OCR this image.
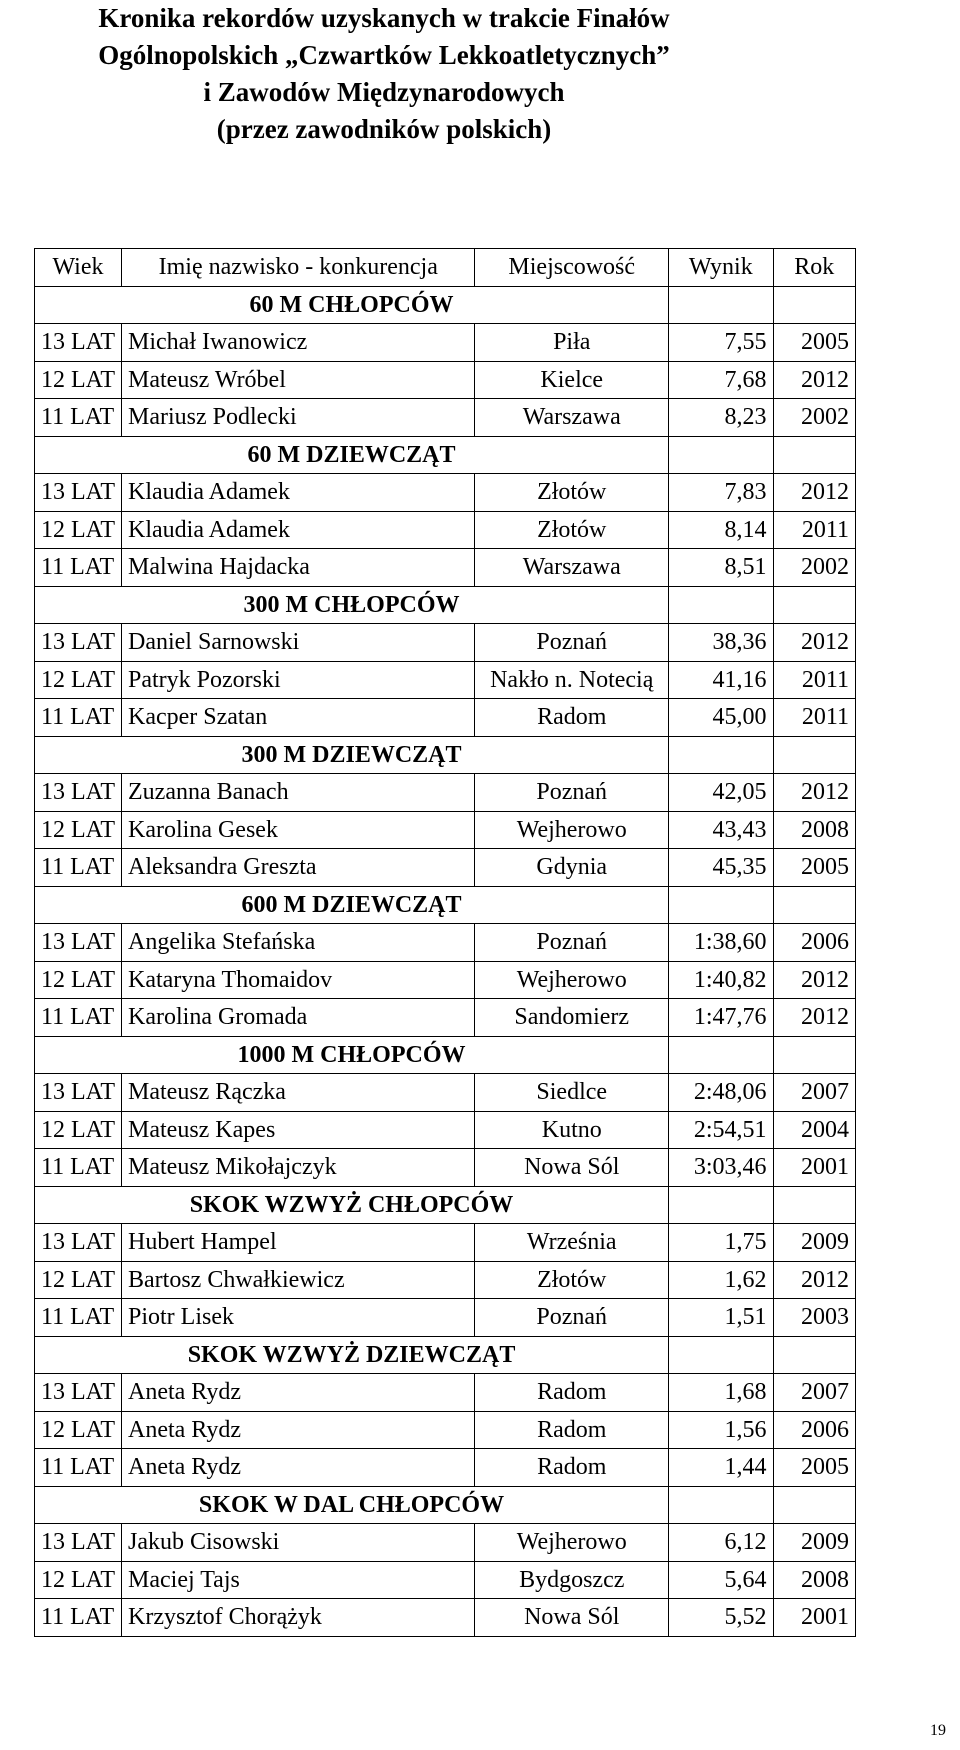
Kronika rekordów uzyskanych w trakcie Finałów
Ogólnopolskich „Czwartków Lekkoatletycznych”
i Zawodów Międzynarodowych
(przez zawodników polskich)
Wiek	Imię nazwisko - konkurencja	Miejscowość	Wynik	Rok
60 M CHŁOPCÓW				
13 LAT	Michał Iwanowicz	Piła	7,55	2005
12 LAT	Mateusz Wróbel	Kielce	7,68	2012
11 LAT	Mariusz Podlecki	Warszawa	8,23	2002
60 M DZIEWCZĄT				
13 LAT	Klaudia Adamek	Złotów	7,83	2012
12 LAT	Klaudia Adamek	Złotów	8,14	2011
11 LAT	Malwina Hajdacka	Warszawa	8,51	2002
300 M CHŁOPCÓW				
13 LAT	Daniel Sarnowski	Poznań	38,36	2012
12 LAT	Patryk Pozorski	Nakło n. Notecią	41,16	2011
11 LAT	Kacper Szatan	Radom	45,00	2011
300 M DZIEWCZĄT				
13 LAT	Zuzanna Banach	Poznań	42,05	2012
12 LAT	Karolina Gesek	Wejherowo	43,43	2008
11 LAT	Aleksandra Greszta	Gdynia	45,35	2005
600 M DZIEWCZĄT				
13 LAT	Angelika Stefańska	Poznań	1:38,60	2006
12 LAT	Kataryna Thomaidov	Wejherowo	1:40,82	2012
11 LAT	Karolina Gromada	Sandomierz	1:47,76	2012
1000 M CHŁOPCÓW				
13 LAT	Mateusz Rączka	Siedlce	2:48,06	2007
12 LAT	Mateusz Kapes	Kutno	2:54,51	2004
11 LAT	Mateusz Mikołajczyk	Nowa Sól	3:03,46	2001
SKOK WZWYŻ CHŁOPCÓW				
13 LAT	Hubert Hampel	Września	1,75	2009
12 LAT	Bartosz Chwałkiewicz	Złotów	1,62	2012
11 LAT	Piotr Lisek	Poznań	1,51	2003
SKOK WZWYŻ DZIEWCZĄT				
13 LAT	Aneta Rydz	Radom	1,68	2007
12 LAT	Aneta Rydz	Radom	1,56	2006
11 LAT	Aneta Rydz	Radom	1,44	2005
SKOK W DAL CHŁOPCÓW				
13 LAT	Jakub Cisowski	Wejherowo	6,12	2009
12 LAT	Maciej Tajs	Bydgoszcz	5,64	2008
11 LAT	Krzysztof Chorążyk	Nowa Sól	5,52	2001
19
